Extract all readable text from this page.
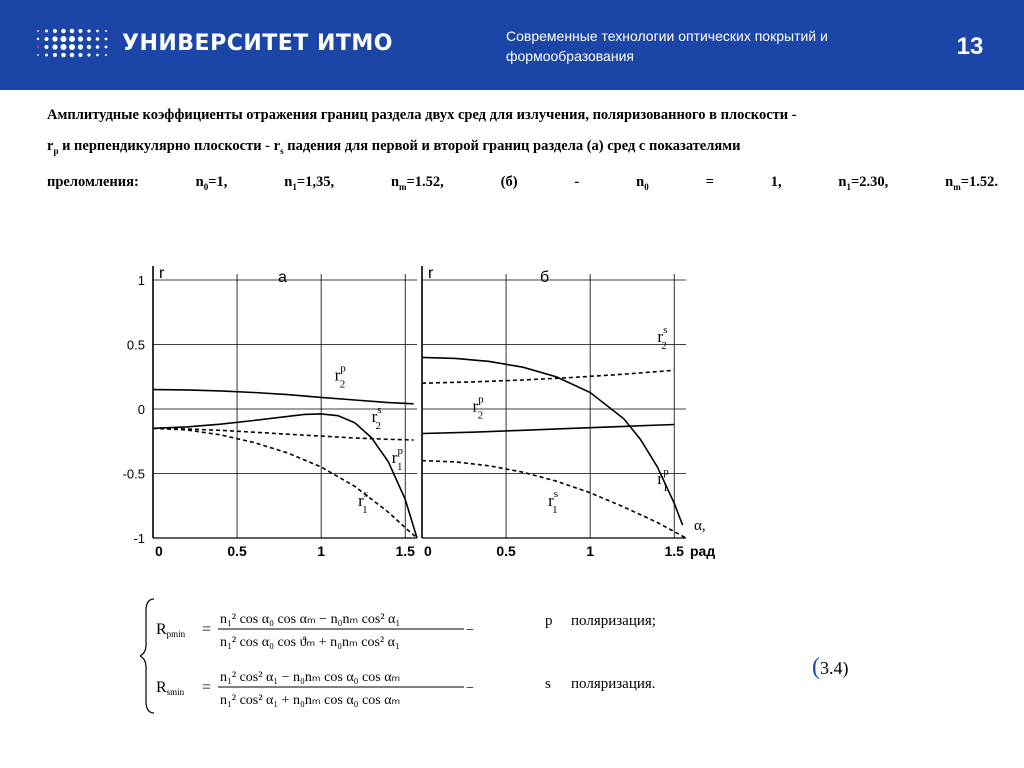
УНИВЕРСИТЕТ ИТМО	Современные технологии оптических покрытий и
формообразования	13
Амплитудные коэффициенты отражения границ раздела двух сред для излучения, поляризованного в плоскости -
$r_p$ и перпендикулярно плоскости - $r_s$ падения для первой и второй границ раздела (а) сред с показателями
преломления:	$n_0=1$,	$n_1=1,35$,	$n_m=1.52$,	(б)	-	$n_0$	=	1,	$n_1=2.30$,	$n_m=1.52$.
r	а
0	0.5	1	1.5
1
0.5
0
-0.5
-1
$r^p$ 2
$r^s$ 2
$r^p$ 1
$r^s$ 1
r	б
0	0.5	1	1.5
$r^s$ 2
$r^p$ 2
$r^p$ 1
$r^s$ 1
α,
рад
Rpmin =
n₁² cos α₀ cos αₘ − n₀nₘ cos² α₁
n₁² cos α₀ cos ϑₘ + n₀nₘ cos² α₁
−
Rsmin =
n₁² cos² α₁ − n₀nₘ cos α₀ cos αₘ
n₁² cos² α₁ + n₀nₘ cos α₀ cos αₘ
−
p поляризация;
s поляризация.
(3.4)
